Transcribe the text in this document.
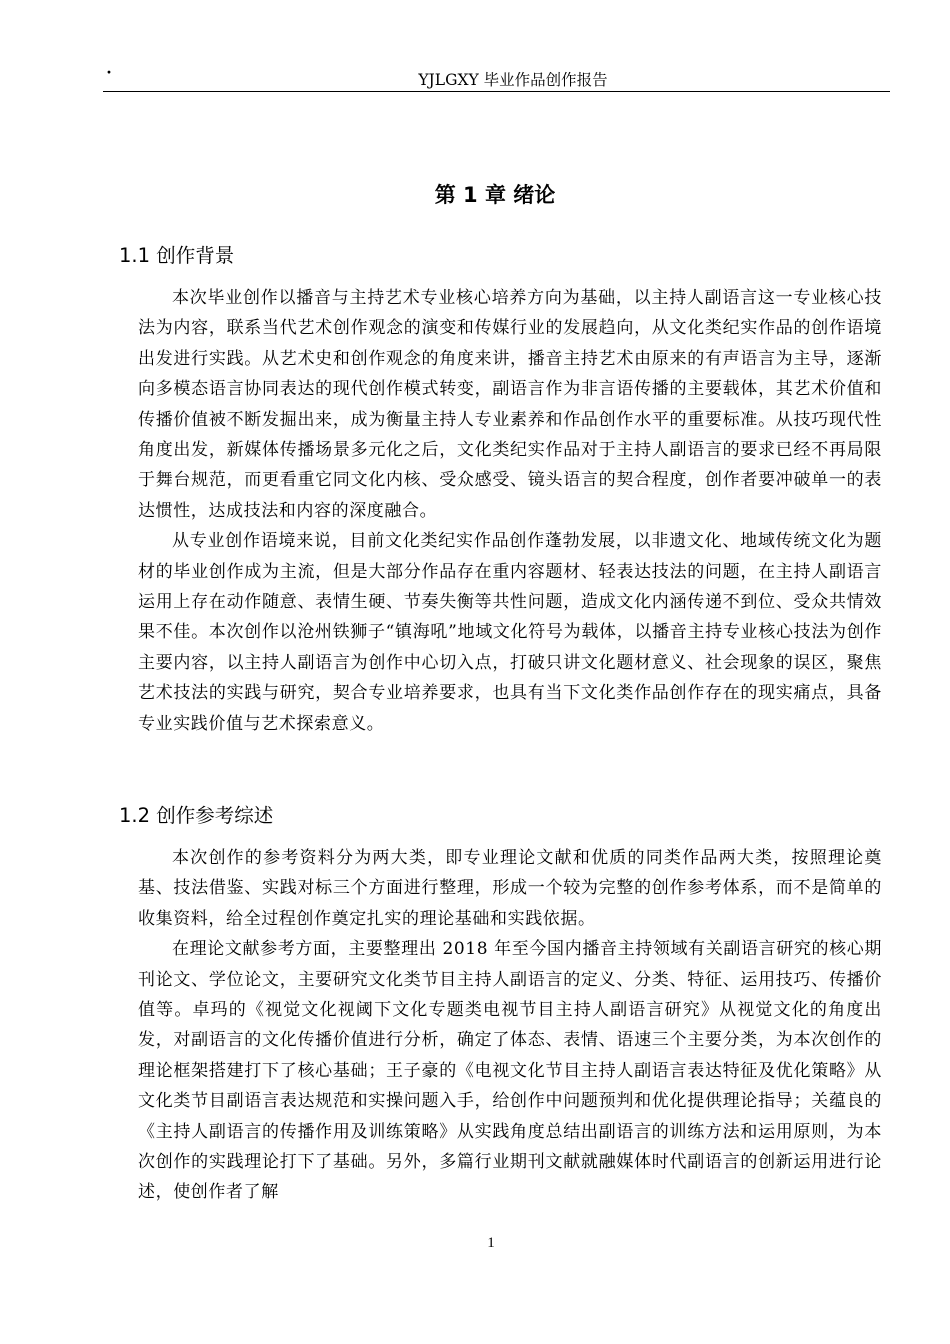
·	YJLGXY 毕业作品创作报告
第 1 章 绪论
1.1 创作背景

本次毕业创作以播音与主持艺术专业核心培养方向为基础，以主持人副语言这一专业核心技法为内容，联系当代艺术创作观念的演变和传媒行业的发展趋向，从文化类纪实作品的创作语境出发进行实践。从艺术史和创作观念的角度来讲，播音主持艺术由原来的有声语言为主导，逐渐向多模态语言协同表达的现代创作模式转变，副语言作为非言语传播的主要载体，其艺术价值和传播价值被不断发掘出来，成为衡量主持人专业素养和作品创作水平的重要标准。从技巧现代性角度出发，新媒体传播场景多元化之后，文化类纪实作品对于主持人副语言的要求已经不再局限于舞台规范，而更看重它同文化内核、受众感受、镜头语言的契合程度，创作者要冲破单一的表达惯性，达成技法和内容的深度融合。

从专业创作语境来说，目前文化类纪实作品创作蓬勃发展，以非遗文化、地域传统文化为题材的毕业创作成为主流，但是大部分作品存在重内容题材、轻表达技法的问题，在主持人副语言运用上存在动作随意、表情生硬、节奏失衡等共性问题，造成文化内涵传递不到位、受众共情效果不佳。本次创作以沧州铁狮子“镇海吼”地域文化符号为载体，以播音主持专业核心技法为创作主要内容，以主持人副语言为创作中心切入点，打破只讲文化题材意义、社会现象的误区，聚焦艺术技法的实践与研究，契合专业培养要求，也具有当下文化类作品创作存在的现实痛点，具备专业实践价值与艺术探索意义。

1.2 创作参考综述

本次创作的参考资料分为两大类，即专业理论文献和优质的同类作品两大类，按照理论奠基、技法借鉴、实践对标三个方面进行整理，形成一个较为完整的创作参考体系，而不是简单的收集资料，给全过程创作奠定扎实的理论基础和实践依据。

在理论文献参考方面，主要整理出 2018 年至今国内播音主持领域有关副语言研究的核心期刊论文、学位论文，主要研究文化类节目主持人副语言的定义、分类、特征、运用技巧、传播价值等。卓玛的《视觉文化视阈下文化专题类电视节目主持人副语言研究》从视觉文化的角度出发，对副语言的文化传播价值进行分析，确定了体态、表情、语速三个主要分类，为本次创作的理论框架搭建打下了核心基础；王子豪的《电视文化节目主持人副语言表达特征及优化策略》从文化类节目副语言表达规范和实操问题入手，给创作中问题预判和优化提供理论指导；关蕴良的《主持人副语言的传播作用及训练策略》从实践角度总结出副语言的训练方法和运用原则，为本次创作的实践理论打下了基础。另外，多篇行业期刊文献就融媒体时代副语言的创新运用进行论述，使创作者了解

1
